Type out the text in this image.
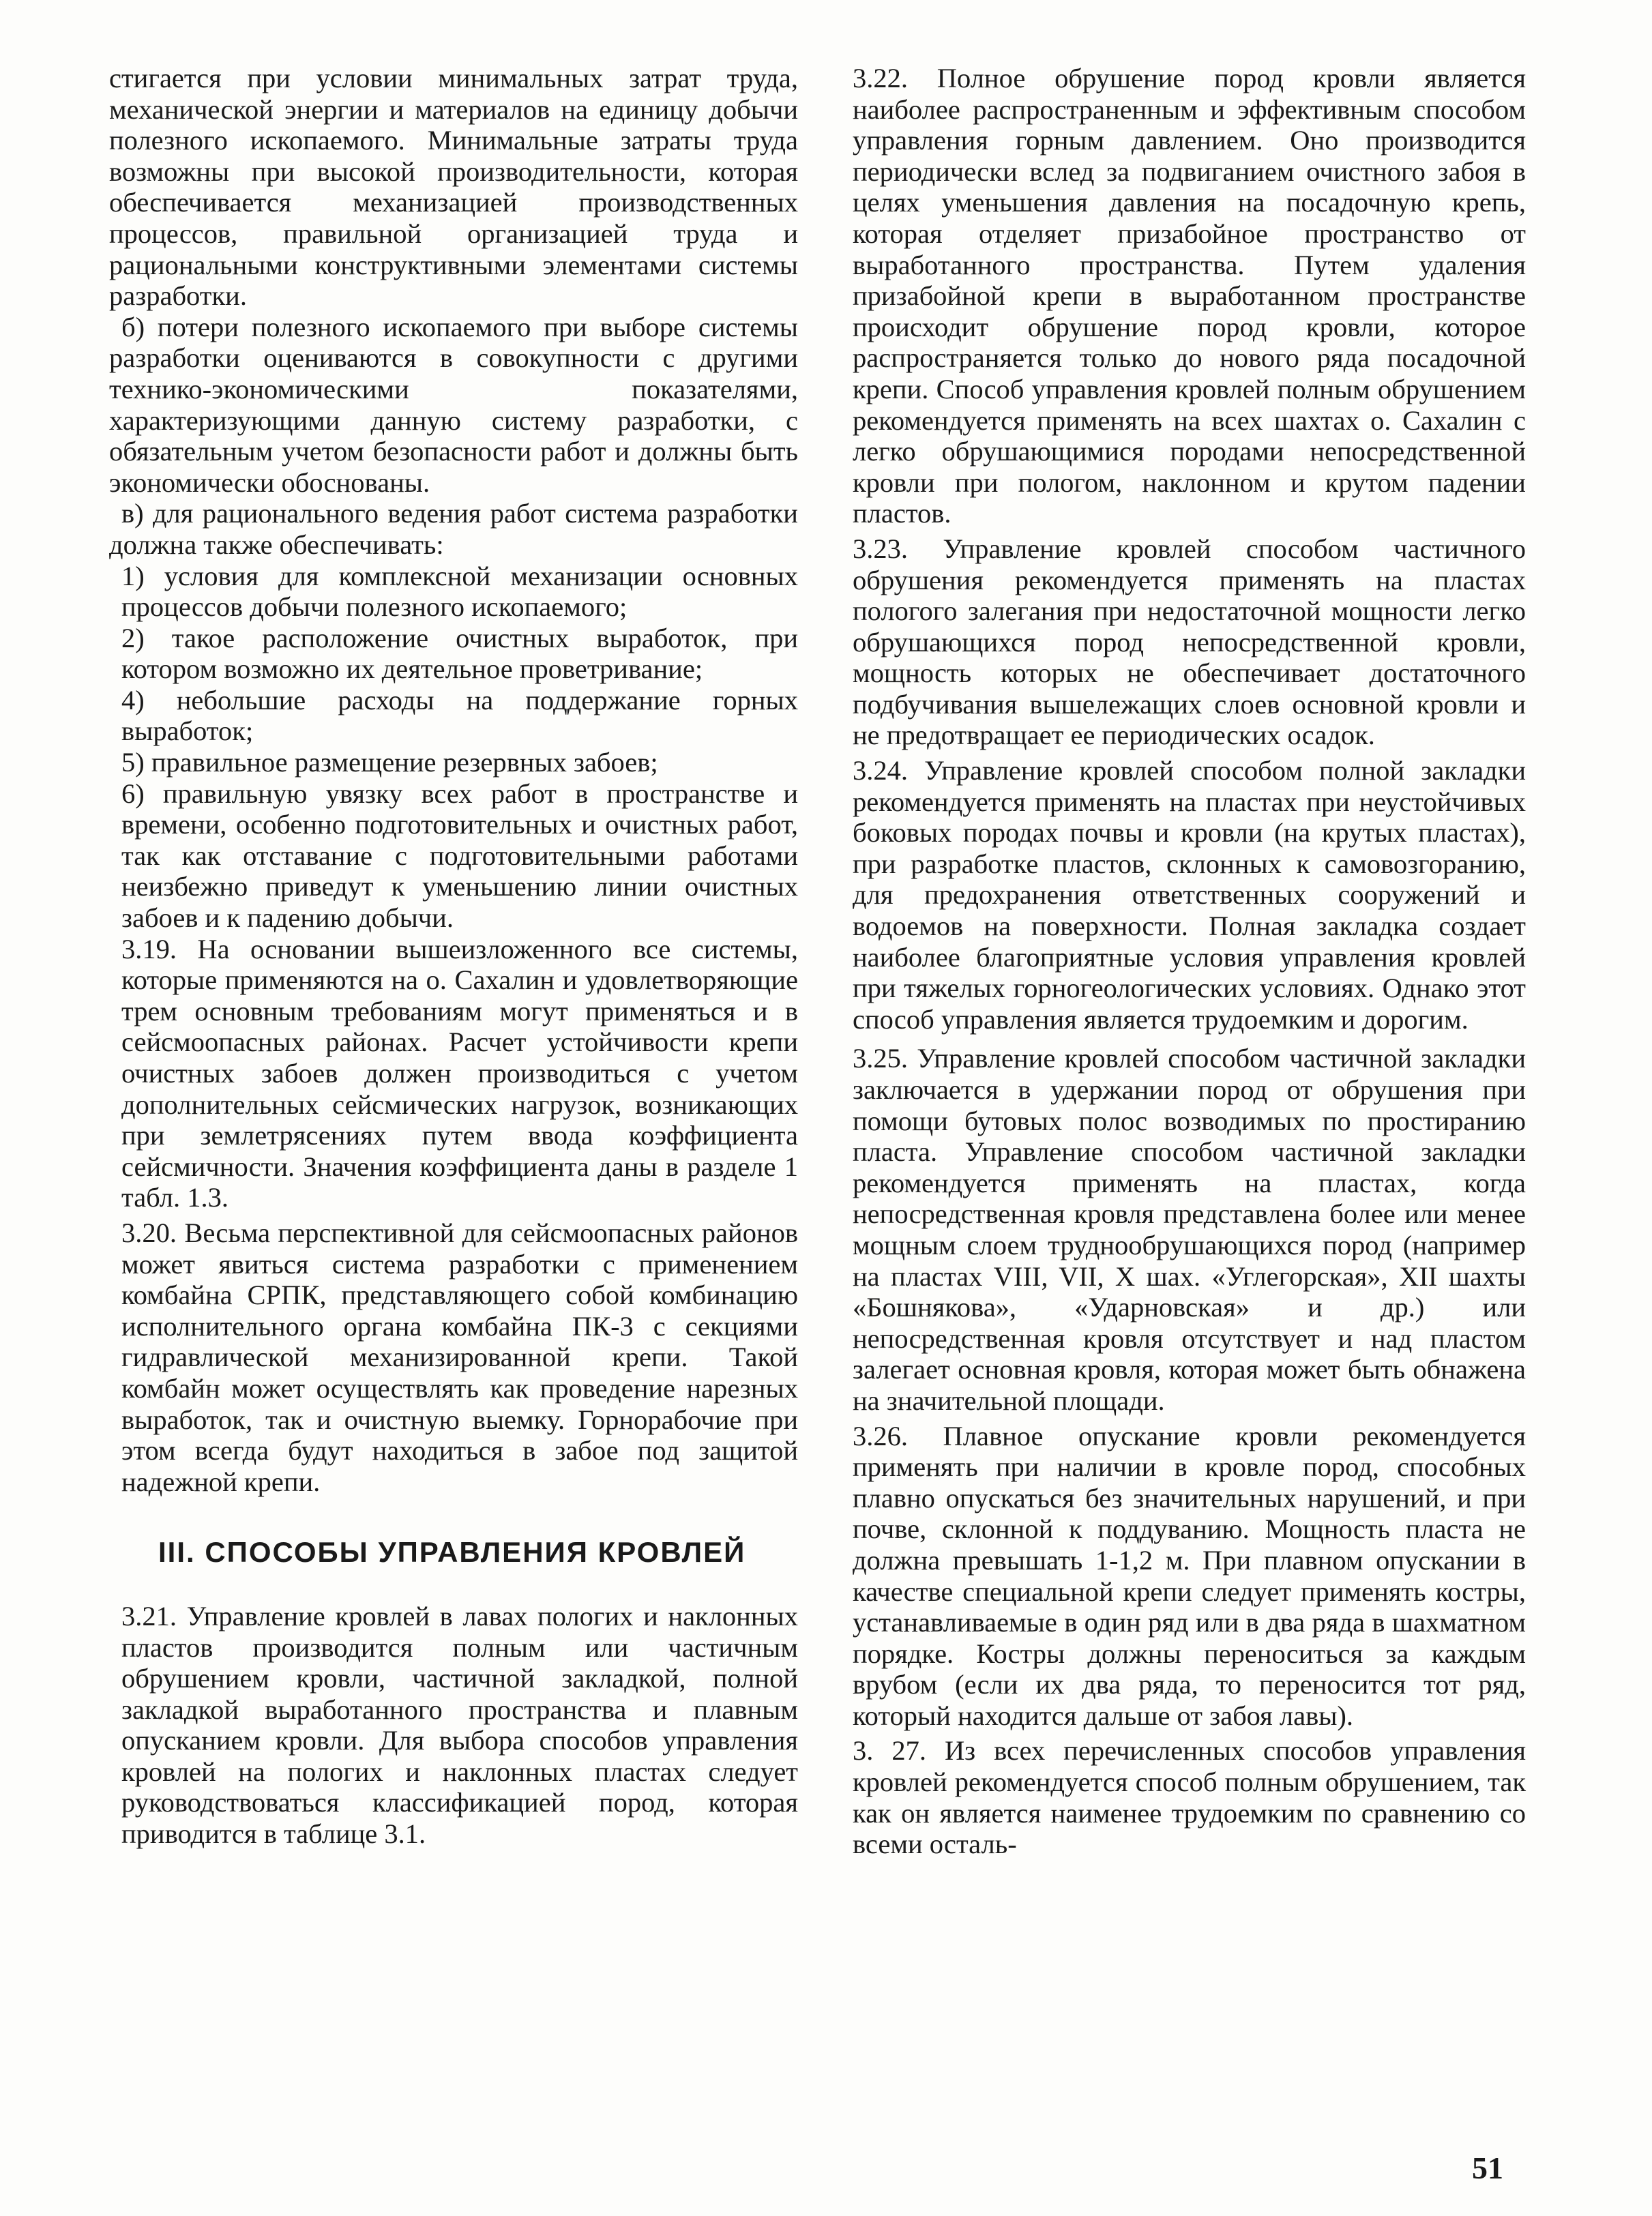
стигается при условии минимальных затрат труда, механической энергии и материалов на единицу добычи полезного ископаемого. Минимальные затраты труда возможны при высокой производительности, которая обеспечивается механизацией производственных процессов, правильной организацией труда и рациональными конструктивными элементами системы разработки.

б) потери полезного ископаемого при выборе системы разработки оцениваются в совокупности с другими технико-экономическими показателями, характеризующими данную систему разработки, с обязательным учетом безопасности работ и должны быть экономически обоснованы.

в) для рационального ведения работ система разработки должна также обеспечивать:

1) условия для комплексной механизации основных процессов добычи полезного ископаемого;

2) такое расположение очистных выработок, при котором возможно их деятельное проветривание;

4) небольшие расходы на поддержание горных выработок;

5) правильное размещение резервных забоев;

6) правильную увязку всех работ в пространстве и времени, особенно подготовительных и очистных работ, так как отставание с подготовительными работами неизбежно приведут к уменьшению линии очистных забоев и к падению добычи.

3.19. На основании вышеизложенного все системы, которые применяются на о. Сахалин и удовлетворяющие трем основным требованиям могут применяться и в сейсмоопасных районах. Расчет устойчивости крепи очистных забоев должен производиться с учетом дополнительных сейсмических нагрузок, возникающих при землетрясениях путем ввода коэффициента сейсмичности. Значения коэффициента даны в разделе 1 табл. 1.3.

3.20. Весьма перспективной для сейсмоопасных районов может явиться система разработки с применением комбайна СРПК, представляющего собой комбинацию исполнительного органа комбайна ПК-3 с секциями гидравлической механизированной крепи. Такой комбайн может осуществлять как проведение нарезных выработок, так и очистную выемку. Горнорабочие при этом всегда будут находиться в забое под защитой надежной крепи.

III. СПОСОБЫ УПРАВЛЕНИЯ КРОВЛЕЙ

3.21. Управление кровлей в лавах пологих и наклонных пластов производится полным или частичным обрушением кровли, частичной закладкой, полной закладкой выработанного пространства и плавным опусканием кровли. Для выбора способов управления кровлей на пологих и наклонных пластах следует руководствоваться классификацией пород, которая приводится в таблице 3.1.

3.22. Полное обрушение пород кровли является наиболее распространенным и эффективным способом управления горным давлением. Оно производится периодически вслед за подвиганием очистного забоя в целях уменьшения давления на посадочную крепь, которая отделяет призабойное пространство от выработанного пространства. Путем удаления призабойной крепи в выработанном пространстве происходит обрушение пород кровли, которое распространяется только до нового ряда посадочной крепи. Способ управления кровлей полным обрушением рекомендуется применять на всех шахтах о. Сахалин с легко обрушающимися породами непосредственной кровли при пологом, наклонном и крутом падении пластов.

3.23. Управление кровлей способом частичного обрушения рекомендуется применять на пластах пологого залегания при недостаточной мощности легко обрушающихся пород непосредственной кровли, мощность которых не обеспечивает достаточного подбучивания вышележащих слоев основной кровли и не предотвращает ее периодических осадок.

3.24. Управление кровлей способом полной закладки рекомендуется применять на пластах при неустойчивых боковых породах почвы и кровли (на крутых пластах), при разработке пластов, склонных к самовозгоранию, для предохранения ответственных сооружений и водоемов на поверхности. Полная закладка создает наиболее благоприятные условия управления кровлей при тяжелых горногеологических условиях. Однако этот способ управления является трудоемким и дорогим.

3.25. Управление кровлей способом частичной закладки заключается в удержании пород от обрушения при помощи бутовых полос возводимых по простиранию пласта. Управление способом частичной закладки рекомендуется применять на пластах, когда непосредственная кровля представлена более или менее мощным слоем труднообрушающихся пород (например на пластах VIII, VII, X шах. «Углегорская», XII шахты «Бошнякова», «Ударновская» и др.) или непосредственная кровля отсутствует и над пластом залегает основная кровля, которая может быть обнажена на значительной площади.

3.26. Плавное опускание кровли рекомендуется применять при наличии в кровле пород, способных плавно опускаться без значительных нарушений, и при почве, склонной к поддуванию. Мощность пласта не должна превышать 1-1,2 м. При плавном опускании в качестве специальной крепи следует применять костры, устанавливаемые в один ряд или в два ряда в шахматном порядке. Костры должны переноситься за каждым врубом (если их два ряда, то переносится тот ряд, который находится дальше от забоя лавы).

3. 27. Из всех перечисленных способов управления кровлей рекомендуется способ полным обрушением, так как он является наименее трудоемким по сравнению со всеми осталь-

51
